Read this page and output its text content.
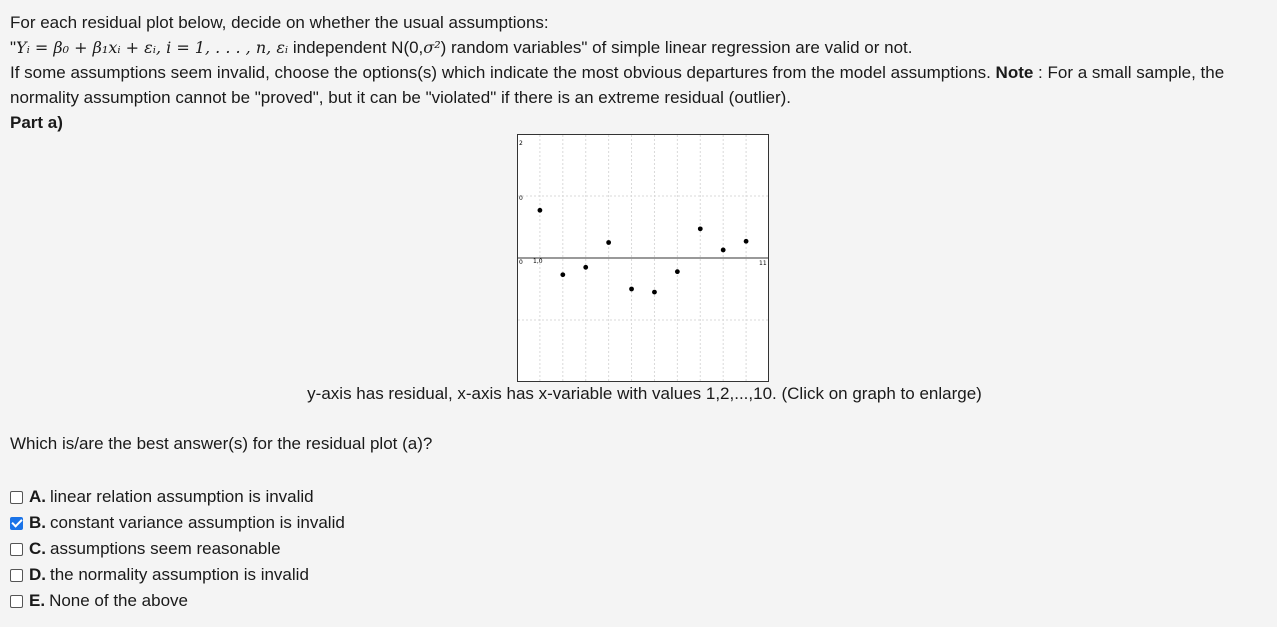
For each residual plot below, decide on whether the usual assumptions:

"Yᵢ = β₀ + β₁xᵢ + εᵢ, i = 1, . . . , n, εᵢ independent N(0,σ²) random variables" of simple linear regression are valid or not.

If some assumptions seem invalid, choose the options(s) which indicate the most obvious departures from the model assumptions. Note : For a small sample, the

normality assumption cannot be "proved", but it can be "violated" if there is an extreme residual (outlier).

Part a)

2
0
0 1,0	11
y-axis has residual, x-axis has x-variable with values 1,2,...,10. (Click on graph to enlarge)
Which is/are the best answer(s) for the residual plot (a)?
A. linear relation assumption is invalid
B. constant variance assumption is invalid
C. assumptions seem reasonable
D. the normality assumption is invalid
E. None of the above
